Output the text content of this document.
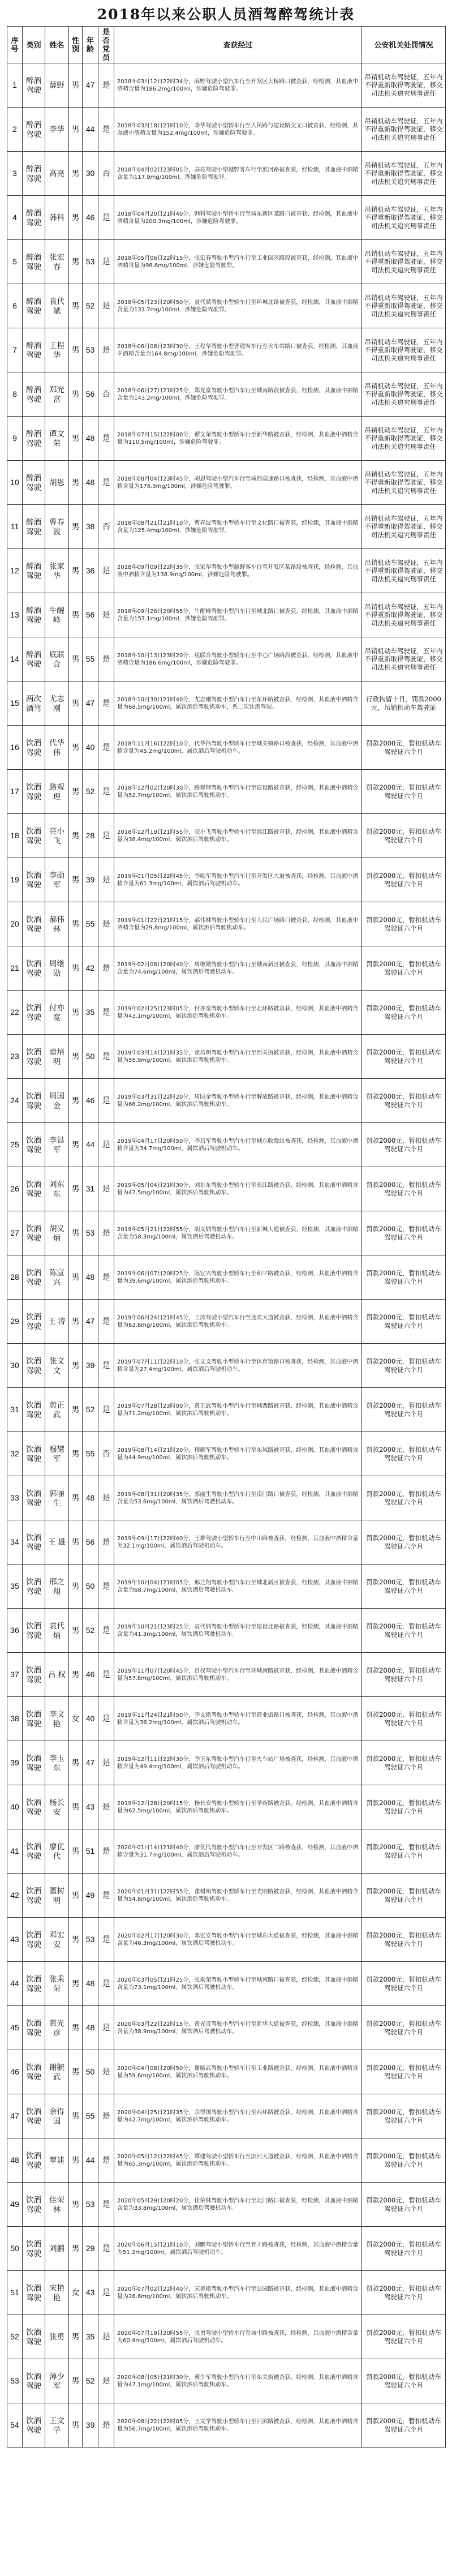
2018年以来公职人员酒驾醉驾统计表
序号	类别	姓名	性别	年龄	是否党员	查获经过	公安机关处罚情况
1	醉酒驾驶	薛野	男	47	是	2018年03月12日22时34分，薛野驾驶小型汽车行至开发区大桥路口被查获，经检测，其血液中酒精含量为186.2mg/100ml，涉嫌危险驾驶罪。	吊销机动车驾驶证，五年内不得重新取得驾驶证，移交司法机关追究刑事责任
2	醉酒驾驶	李华	男	44	是	2018年03月18日21时10分，李华驾驶小型轿车行至人民路与建设路交叉口被查获，经检测，其血液中酒精含量为152.4mg/100ml，涉嫌危险驾驶罪。	吊销机动车驾驶证，五年内不得重新取得驾驶证，移交司法机关追究刑事责任
3	醉酒驾驶	高亮	男	30	否	2018年04月02日23时05分，高亮驾驶小型越野客车行至滨河路被查获，经检测，其血液中酒精含量为117.9mg/100ml，涉嫌危险驾驶罪。	吊销机动车驾驶证，五年内不得重新取得驾驶证，移交司法机关追究刑事责任
4	醉酒驾驶	韩科	男	46	是	2018年04月20日21时40分，韩科驾驶小型轿车行至城东新区某路口被查获，经检测，其血液中酒精含量为200.3mg/100ml，涉嫌危险驾驶罪。	吊销机动车驾驶证，五年内不得重新取得驾驶证，移交司法机关追究刑事责任
5	醉酒驾驶	张宏春	男	53	是	2018年05月06日22时15分，张宏春驾驶小型汽车行至工业园区路段被查获，经检测，其血液中酒精含量为98.6mg/100ml，涉嫌危险驾驶罪。	吊销机动车驾驶证，五年内不得重新取得驾驶证，移交司法机关追究刑事责任
6	醉酒驾驶	袁代斌	男	52	是	2018年05月23日20时50分，袁代斌驾驶小型轿车行至环城北路被查获，经检测，其血液中酒精含量为131.7mg/100ml，涉嫌危险驾驶罪。	吊销机动车驾驶证，五年内不得重新取得驾驶证，移交司法机关追究刑事责任
7	醉酒驾驶	王程华	男	53	是	2018年06月08日23时30分，王程华驾驶小型普通客车行至火车站路口被查获，经检测，其血液中酒精含量为164.8mg/100ml，涉嫌危险驾驶罪。	吊销机动车驾驶证，五年内不得重新取得驾驶证，移交司法机关追究刑事责任
8	醉酒驾驶	郑光富	男	56	否	2018年06月27日21时25分，郑光富驾驶小型汽车行至城南路段被查获，经检测，其血液中酒精含量为143.2mg/100ml，涉嫌危险驾驶罪。	吊销机动车驾驶证，五年内不得重新取得驾驶证，移交司法机关追究刑事责任
9	醉酒驾驶	谭文荣	男	48	是	2018年07月15日22时00分，谭文荣驾驶小型轿车行至新华路被查获，经检测，其血液中酒精含量为110.5mg/100ml，涉嫌危险驾驶罪。	吊销机动车驾驶证，五年内不得重新取得驾驶证，移交司法机关追究刑事责任
10	醉酒驾驶	胡恩	男	48	是	2018年08月04日23时45分，胡恩驾驶小型汽车行至城西高速路口被查获，经检测，其血液中酒精含量为176.3mg/100ml，涉嫌危险驾驶罪。	吊销机动车驾驶证，五年内不得重新取得驾驶证，移交司法机关追究刑事责任
11	醉酒驾驶	曹春波	男	38	否	2018年08月21日21时10分，曹春波驾驶小型轿车行至文化路口被查获，经检测，其血液中酒精含量为125.4mg/100ml，涉嫌危险驾驶罪。	吊销机动车驾驶证，五年内不得重新取得驾驶证，移交司法机关追究刑事责任
12	醉酒驾驶	张家华	男	36	是	2018年09月09日22时35分，张家华驾驶小型越野客车行至开发区某路段被查获，经检测，其血液中酒精含量为138.9mg/100ml，涉嫌危险驾驶罪。	吊销机动车驾驶证，五年内不得重新取得驾驶证，移交司法机关追究刑事责任
13	醉酒驾驶	牛醒峰	男	56	是	2018年09月26日20时55分，牛醒峰驾驶小型汽车行至城北路口被查获，经检测，其血液中酒精含量为157.1mg/100ml，涉嫌危险驾驶罪。	吊销机动车驾驶证，五年内不得重新取得驾驶证，移交司法机关追究刑事责任
14	醉酒驾驶	底联合	男	55	是	2018年10月13日23时20分，底联合驾驶小型轿车行至中心广场路段被查获，经检测，其血液中酒精含量为186.6mg/100ml，涉嫌危险驾驶罪。	吊销机动车驾驶证，五年内不得重新取得驾驶证，移交司法机关追究刑事责任
15	两次酒驾	尤志刚	男	47	是	2018年10月30日21时40分，尤志刚驾驶小型汽车行至东环路被查获，经检测，其血液中酒精含量为68.5mg/100ml，属饮酒后驾驶机动车，系二次饮酒驾驶。	行政拘留十日，罚款2000元，吊销机动车驾驶证
16	饮酒驾驶	代华伟	男	40	是	2018年11月16日22时10分，代华伟驾驶小型轿车行至城关镇路口被查获，经检测，其血液中酒精含量为45.2mg/100ml，属饮酒后驾驶机动车。	罚款2000元，暂扣机动车驾驶证六个月
17	饮酒驾驶	路观理	男	52	是	2018年12月02日20时30分，路观理驾驶小型汽车行至建设路被查获，经检测，其血液中酒精含量为52.7mg/100ml，属饮酒后驾驶机动车。	罚款2000元，暂扣机动车驾驶证六个月
18	饮酒驾驶	亮小飞	男	28	是	2018年12月19日21时55分，亮小飞驾驶小型轿车行至滨江路被查获，经检测，其血液中酒精含量为38.4mg/100ml，属饮酒后驾驶机动车。	罚款2000元，暂扣机动车驾驶证六个月
19	饮酒驾驶	李勋军	男	39	是	2019年01月05日22时45分，李勋军驾驶小型汽车行至开发区大道被查获，经检测，其血液中酒精含量为61.3mg/100ml，属饮酒后驾驶机动车。	罚款2000元，暂扣机动车驾驶证六个月
20	饮酒驾驶	郝伟林	男	55	是	2019年01月22日21时15分，郝伟林驾驶小型轿车行至人民广场路口被查获，经检测，其血液中酒精含量为29.8mg/100ml，属饮酒后驾驶机动车。	罚款2000元，暂扣机动车驾驶证六个月
21	饮酒驾驶	周继勋	男	42	是	2019年02月08日20时40分，周继勋驾驶小型汽车行至城南新区被查获，经检测，其血液中酒精含量为74.6mg/100ml，属饮酒后驾驶机动车。	罚款2000元，暂扣机动车驾驶证六个月
22	饮酒驾驶	付亦宽	男	35	是	2019年02月25日23时05分，付亦宽驾驶小型轿车行至北环路被查获，经检测，其血液中酒精含量为43.1mg/100ml，属饮酒后驾驶机动车。	罚款2000元，暂扣机动车驾驶证六个月
23	饮酒驾驶	童培明	男	50	是	2019年03月14日21时35分，童培明驾驶小型汽车行至西关街被查获，经检测，其血液中酒精含量为55.9mg/100ml，属饮酒后驾驶机动车。	罚款2000元，暂扣机动车驾驶证六个月
24	饮酒驾驶	周国金	男	46	是	2019年03月31日22时20分，周国金驾驶小型轿车行至解放路被查获，经检测，其血液中酒精含量为66.2mg/100ml，属饮酒后驾驶机动车。	罚款2000元，暂扣机动车驾驶证六个月
25	饮酒驾驶	李昌军	男	44	是	2019年04月17日20时50分，李昌军驾驶小型汽车行至城东收费站被查获，经检测，其血液中酒精含量为34.7mg/100ml，属饮酒后驾驶机动车。	罚款2000元，暂扣机动车驾驶证六个月
26	饮酒驾驶	刘东东	男	31	是	2019年05月04日21时30分，刘东东驾驶小型轿车行至长江路被查获，经检测，其血液中酒精含量为47.5mg/100ml，属饮酒后驾驶机动车。	罚款2000元，暂扣机动车驾驶证六个月
27	饮酒驾驶	胡义炳	男	53	是	2019年05月21日22时55分，胡义炳驾驶小型汽车行至新城大道被查获，经检测，其血液中酒精含量为58.3mg/100ml，属饮酒后驾驶机动车。	罚款2000元，暂扣机动车驾驶证六个月
28	饮酒驾驶	陈宣兴	男	48	是	2019年06月07日20时25分，陈宣兴驾驶小型轿车行至和平路被查获，经检测，其血液中酒精含量为39.6mg/100ml，属饮酒后驾驶机动车。	罚款2000元，暂扣机动车驾驶证六个月
29	饮酒驾驶	王 涛	男	47	是	2019年06月24日21时45分，王涛驾驶小型汽车行至迎宾大道被查获，经检测，其血液中酒精含量为63.8mg/100ml，属饮酒后驾驶机动车。	罚款2000元，暂扣机动车驾驶证六个月
30	饮酒驾驶	张文文	男	39	是	2019年07月11日22时10分，张文文驾驶小型轿车行至体育馆路口被查获，经检测，其血液中酒精含量为27.4mg/100ml，属饮酒后驾驶机动车。	罚款2000元，暂扣机动车驾驶证六个月
31	饮酒驾驶	黄正武	男	52	是	2019年07月28日23时00分，黄正武驾驶小型汽车行至城西路被查获，经检测，其血液中酒精含量为71.2mg/100ml，属饮酒后驾驶机动车。	罚款2000元，暂扣机动车驾驶证六个月
32	饮酒驾驶	穆耀军	男	55	否	2019年08月14日21时20分，穆耀军驾驶小型轿车行至东风路被查获，经检测，其血液中酒精含量为44.9mg/100ml，属饮酒后驾驶机动车。	罚款2000元，暂扣机动车驾驶证六个月
33	饮酒驾驶	郭丽生	男	48	是	2019年08月31日20时35分，郭丽生驾驶小型汽车行至南门路口被查获，经检测，其血液中酒精含量为53.6mg/100ml，属饮酒后驾驶机动车。	罚款2000元，暂扣机动车驾驶证六个月
34	饮酒驾驶	王 雄	男	56	是	2019年09月17日22时40分，王雄驾驶小型轿车行至中山路被查获，经检测，其血液中酒精含量为32.1mg/100ml，属饮酒后驾驶机动车。	罚款2000元，暂扣机动车驾驶证六个月
35	饮酒驾驶	邢之翔	男	50	是	2019年10月04日21时05分，邢之翔驾驶小型汽车行至城北新区被查获，经检测，其血液中酒精含量为68.7mg/100ml，属饮酒后驾驶机动车。	罚款2000元，暂扣机动车驾驶证六个月
36	饮酒驾驶	袁代炳	男	52	是	2019年10月21日23时25分，袁代炳驾驶小型轿车行至建设北路被查获，经检测，其血液中酒精含量为41.3mg/100ml，属饮酒后驾驶机动车。	罚款2000元，暂扣机动车驾驶证六个月
37	饮酒驾驶	吕 权	男	46	是	2019年11月07日20时45分，吕权驾驶小型汽车行至环城南路被查获，经检测，其血液中酒精含量为57.8mg/100ml，属饮酒后驾驶机动车。	罚款2000元，暂扣机动车驾驶证六个月
38	饮酒驾驶	李文艳	女	40	是	2019年11月24日21时50分，李文艳驾驶小型轿车行至商业街路口被查获，经检测，其血液中酒精含量为36.2mg/100ml，属饮酒后驾驶机动车。	罚款2000元，暂扣机动车驾驶证六个月
39	饮酒驾驶	李玉东	男	47	是	2019年12月11日22时30分，李玉东驾驶小型汽车行至火车站广场被查获，经检测，其血液中酒精含量为49.4mg/100ml，属饮酒后驾驶机动车。	罚款2000元，暂扣机动车驾驶证六个月
40	饮酒驾驶	杨长安	男	43	是	2019年12月28日20时15分，杨长安驾驶小型轿车行至学府路被查获，经检测，其血液中酒精含量为62.5mg/100ml，属饮酒后驾驶机动车。	罚款2000元，暂扣机动车驾驶证六个月
41	饮酒驾驶	廖优代	男	51	是	2020年01月14日21时40分，廖优代驾驶小型汽车行至开发区二路被查获，经检测，其血液中酒精含量为31.7mg/100ml，属饮酒后驾驶机动车。	罚款2000元，暂扣机动车驾驶证六个月
42	饮酒驾驶	董树明	男	49	是	2020年01月31日22时55分，董树明驾驶小型轿车行至光明路被查获，经检测，其血液中酒精含量为54.8mg/100ml，属饮酒后驾驶机动车。	罚款2000元，暂扣机动车驾驶证六个月
43	饮酒驾驶	邓宏安	男	53	是	2020年02月17日20时30分，邓宏安驾驶小型汽车行至城东大道被查获，经检测，其血液中酒精含量为46.3mg/100ml，属饮酒后驾驶机动车。	罚款2000元，暂扣机动车驾驶证六个月
44	饮酒驾驶	张乘荣	男	48	是	2020年03月05日21时25分，张乘荣驾驶小型轿车行至城南路口被查获，经检测，其血液中酒精含量为73.1mg/100ml，属饮酒后驾驶机动车。	罚款2000元，暂扣机动车驾驶证六个月
45	饮酒驾驶	黄光彦	男	48	是	2020年03月22日22时15分，黄光彦驾驶小型汽车行至新华大道被查获，经检测，其血液中酒精含量为38.9mg/100ml，属饮酒后驾驶机动车。	罚款2000元，暂扣机动车驾驶证六个月
46	饮酒驾驶	谢毓武	男	50	是	2020年04月08日20时50分，谢毓武驾驶小型轿车行至工业路被查获，经检测，其血液中酒精含量为59.6mg/100ml，属饮酒后驾驶机动车。	罚款2000元，暂扣机动车驾驶证六个月
47	饮酒驾驶	余得国	男	55	是	2020年04月25日21时35分，余得国驾驶小型汽车行至西环路被查获，经检测，其血液中酒精含量为42.7mg/100ml，属饮酒后驾驶机动车。	罚款2000元，暂扣机动车驾驶证六个月
48	饮酒驾驶	覃建	男	44	是	2020年05月12日22时45分，覃建驾驶小型轿车行至滨河大道被查获，经检测，其血液中酒精含量为65.3mg/100ml，属饮酒后驾驶机动车。	罚款2000元，暂扣机动车驾驶证六个月
49	饮酒驾驶	佳荣林	男	53	是	2020年05月29日20时20分，佳荣林驾驶小型汽车行至北门路口被查获，经检测，其血液中酒精含量为33.8mg/100ml，属饮酒后驾驶机动车。	罚款2000元，暂扣机动车驾驶证六个月
50	饮酒驾驶	刘鹏	男	29	是	2020年06月15日21时10分，刘鹏驾驶小型轿车行至育才路被查获，经检测，其血液中酒精含量为51.2mg/100ml，属饮酒后驾驶机动车。	罚款2000元，暂扣机动车驾驶证六个月
51	饮酒驾驶	宋艳艳	女	43	是	2020年07月02日22时40分，宋艳艳驾驶小型汽车行至公园路被查获，经检测，其血液中酒精含量为28.6mg/100ml，属饮酒后驾驶机动车。	罚款2000元，暂扣机动车驾驶证六个月
52	饮酒驾驶	张勇	男	35	是	2020年07月19日20时55分，张勇驾驶小型轿车行至城中路被查获，经检测，其血液中酒精含量为60.4mg/100ml，属饮酒后驾驶机动车。	罚款2000元，暂扣机动车驾驶证六个月
53	饮酒驾驶	薄少军	男	52	是	2020年08月05日21时30分，薄少军驾驶小型汽车行至东关街被查获，经检测，其血液中酒精含量为47.1mg/100ml，属饮酒后驾驶机动车。	罚款2000元，暂扣机动车驾驶证六个月
54	饮酒驾驶	王文学	男	39	是	2020年08月22日22时05分，王文学驾驶小型轿车行至河滨路被查获，经检测，其血液中酒精含量为56.7mg/100ml，属饮酒后驾驶机动车。	罚款2000元，暂扣机动车驾驶证六个月
